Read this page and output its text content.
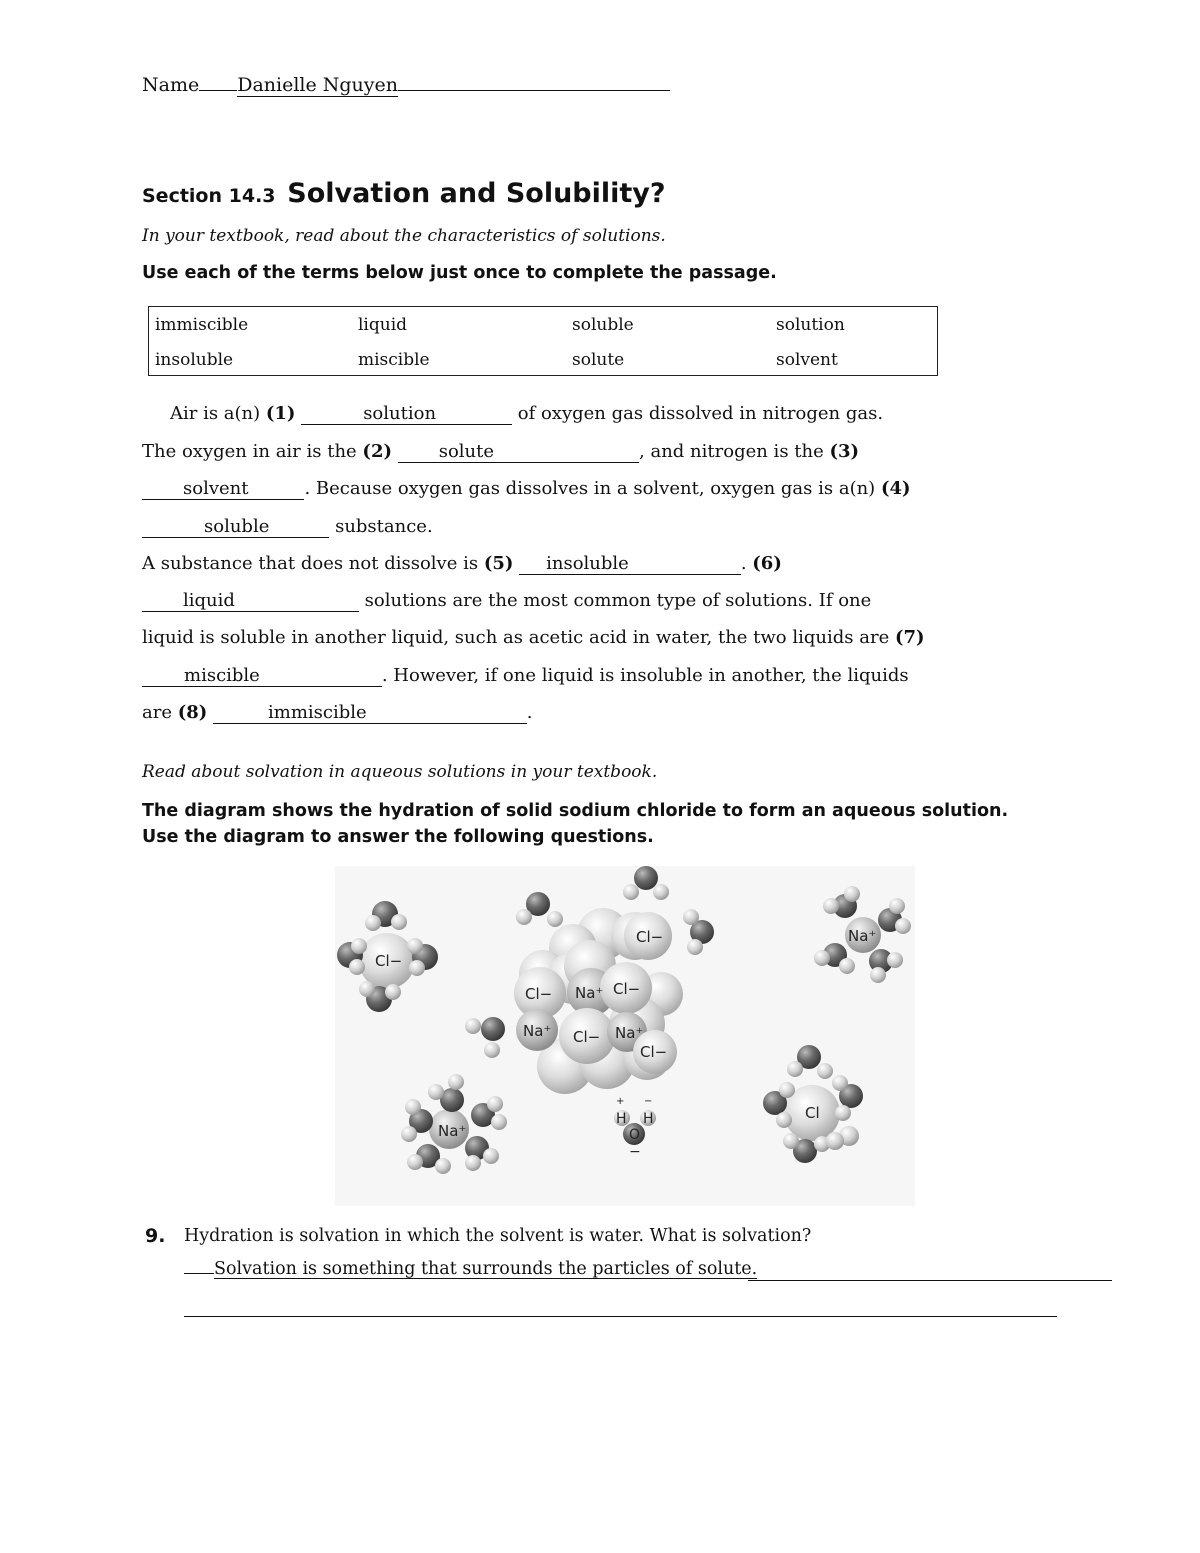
Name Danielle Nguyen
Section 14.3 Solvation and Solubility?
In your textbook, read about the characteristics of solutions.
Use each of the terms below just once to complete the passage.
immiscible	liquid	soluble	solution
insoluble	miscible	solute	solvent
Air is a(n) (1)	solution	of oxygen gas dissolved in nitrogen gas.
The oxygen in air is the (2)	solute	, and nitrogen is the (3)
solvent	. Because oxygen gas dissolves in a solvent, oxygen gas is a(n) (4)
soluble	substance.
A substance that does not dissolve is (5) insoluble	. (6)
liquid	solutions are the most common type of solutions. If one
liquid is soluble in another liquid, such as acetic acid in water, the two liquids are (7)
miscible	. However, if one liquid is insoluble in another, the liquids
are (8)	immiscible	.
Read about solvation in aqueous solutions in your textbook.
The diagram shows the hydration of solid sodium chloride to form an aqueous solution. Use the diagram to answer the following questions.
Cl− Na⁺ Cl−
Na⁺ Cl− Na⁺
Cl−
Cl−
Cl−
Na⁺
Na⁺
+ −
H H
O
−
Cl
9. Hydration is solvation in which the solvent is water. What is solvation?
Solvation is something that surrounds the particles of solute.
